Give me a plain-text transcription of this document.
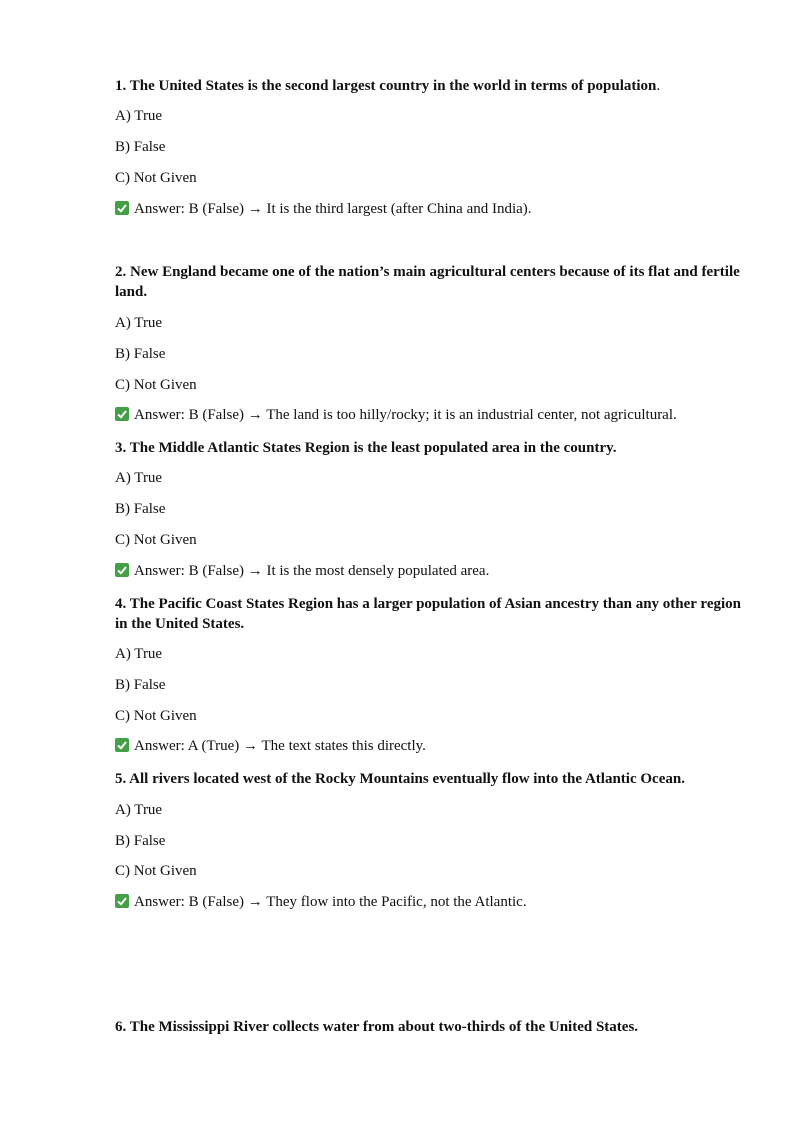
1. The United States is the second largest country in the world in terms of population.

A) True

B) False

C) Not Given

Answer: B (False) → It is the third largest (after China and India).

2. New England became one of the nation’s main agricultural centers because of its flat and fertile land.

A) True

B) False

C) Not Given

Answer: B (False) → The land is too hilly/rocky; it is an industrial center, not agricultural.

3. The Middle Atlantic States Region is the least populated area in the country.

A) True

B) False

C) Not Given

Answer: B (False) → It is the most densely populated area.

4. The Pacific Coast States Region has a larger population of Asian ancestry than any other region in the United States.

A) True

B) False

C) Not Given

Answer: A (True) → The text states this directly.

5. All rivers located west of the Rocky Mountains eventually flow into the Atlantic Ocean.

A) True

B) False

C) Not Given

Answer: B (False) → They flow into the Pacific, not the Atlantic.

6. The Mississippi River collects water from about two-thirds of the United States.
